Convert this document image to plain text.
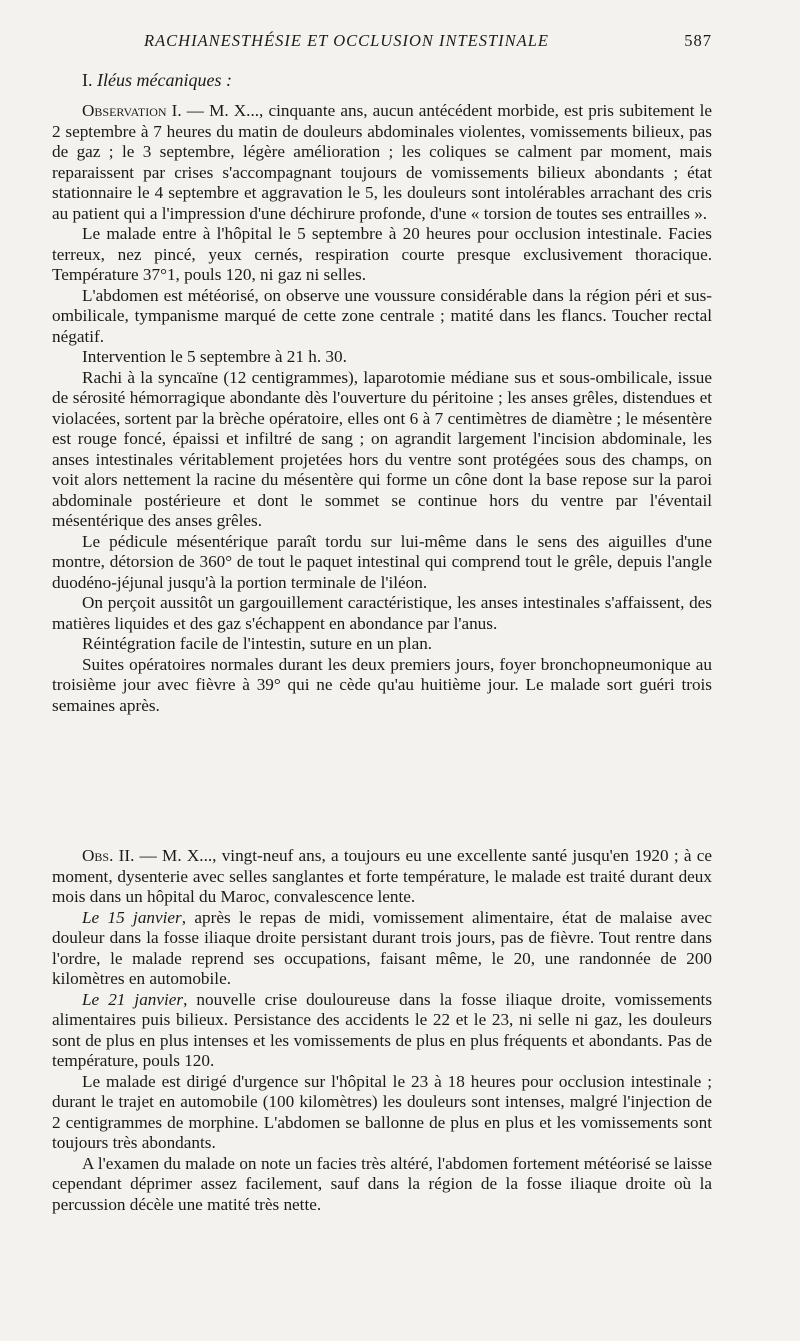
RACHIANESTHÉSIE ET OCCLUSION INTESTINALE	587
I. Iléus mécaniques :

Observation I. — M. X..., cinquante ans, aucun antécédent morbide, est pris subitement le 2 septembre à 7 heures du matin de douleurs abdominales violentes, vomissements bilieux, pas de gaz ; le 3 septembre, légère amélioration ; les coliques se calment par moment, mais reparaissent par crises s'accompagnant toujours de vomissements bilieux abondants ; état stationnaire le 4 septembre et aggravation le 5, les douleurs sont intolérables arrachant des cris au patient qui a l'impression d'une déchirure profonde, d'une « torsion de toutes ses entrailles ».

Le malade entre à l'hôpital le 5 septembre à 20 heures pour occlusion intestinale. Facies terreux, nez pincé, yeux cernés, respiration courte presque exclusivement thoracique. Température 37°1, pouls 120, ni gaz ni selles.

L'abdomen est météorisé, on observe une voussure considérable dans la région péri et sus-ombilicale, tympanisme marqué de cette zone centrale ; matité dans les flancs. Toucher rectal négatif.

Intervention le 5 septembre à 21 h. 30.

Rachi à la syncaïne (12 centigrammes), laparotomie médiane sus et sous-ombilicale, issue de sérosité hémorragique abondante dès l'ouverture du péritoine ; les anses grêles, distendues et violacées, sortent par la brèche opératoire, elles ont 6 à 7 centimètres de diamètre ; le mésentère est rouge foncé, épaissi et infiltré de sang ; on agrandit largement l'incision abdominale, les anses intestinales véritablement projetées hors du ventre sont protégées sous des champs, on voit alors nettement la racine du mésentère qui forme un cône dont la base repose sur la paroi abdominale postérieure et dont le sommet se continue hors du ventre par l'éventail mésentérique des anses grêles.

Le pédicule mésentérique paraît tordu sur lui-même dans le sens des aiguilles d'une montre, détorsion de 360° de tout le paquet intestinal qui comprend tout le grêle, depuis l'angle duodéno-jéjunal jusqu'à la portion terminale de l'iléon.

On perçoit aussitôt un gargouillement caractéristique, les anses intestinales s'affaissent, des matières liquides et des gaz s'échappent en abondance par l'anus.

Réintégration facile de l'intestin, suture en un plan.

Suites opératoires normales durant les deux premiers jours, foyer bronchopneumonique au troisième jour avec fièvre à 39° qui ne cède qu'au huitième jour. Le malade sort guéri trois semaines après.

Obs. II. — M. X..., vingt-neuf ans, a toujours eu une excellente santé jusqu'en 1920 ; à ce moment, dysenterie avec selles sanglantes et forte température, le malade est traité durant deux mois dans un hôpital du Maroc, convalescence lente.

Le 15 janvier, après le repas de midi, vomissement alimentaire, état de malaise avec douleur dans la fosse iliaque droite persistant durant trois jours, pas de fièvre. Tout rentre dans l'ordre, le malade reprend ses occupations, faisant même, le 20, une randonnée de 200 kilomètres en automobile.

Le 21 janvier, nouvelle crise douloureuse dans la fosse iliaque droite, vomissements alimentaires puis bilieux. Persistance des accidents le 22 et le 23, ni selle ni gaz, les douleurs sont de plus en plus intenses et les vomissements de plus en plus fréquents et abondants. Pas de température, pouls 120.

Le malade est dirigé d'urgence sur l'hôpital le 23 à 18 heures pour occlusion intestinale ; durant le trajet en automobile (100 kilomètres) les douleurs sont intenses, malgré l'injection de 2 centigrammes de morphine. L'abdomen se ballonne de plus en plus et les vomissements sont toujours très abondants.

A l'examen du malade on note un facies très altéré, l'abdomen fortement météorisé se laisse cependant déprimer assez facilement, sauf dans la région de la fosse iliaque droite où la percussion décèle une matité très nette.
